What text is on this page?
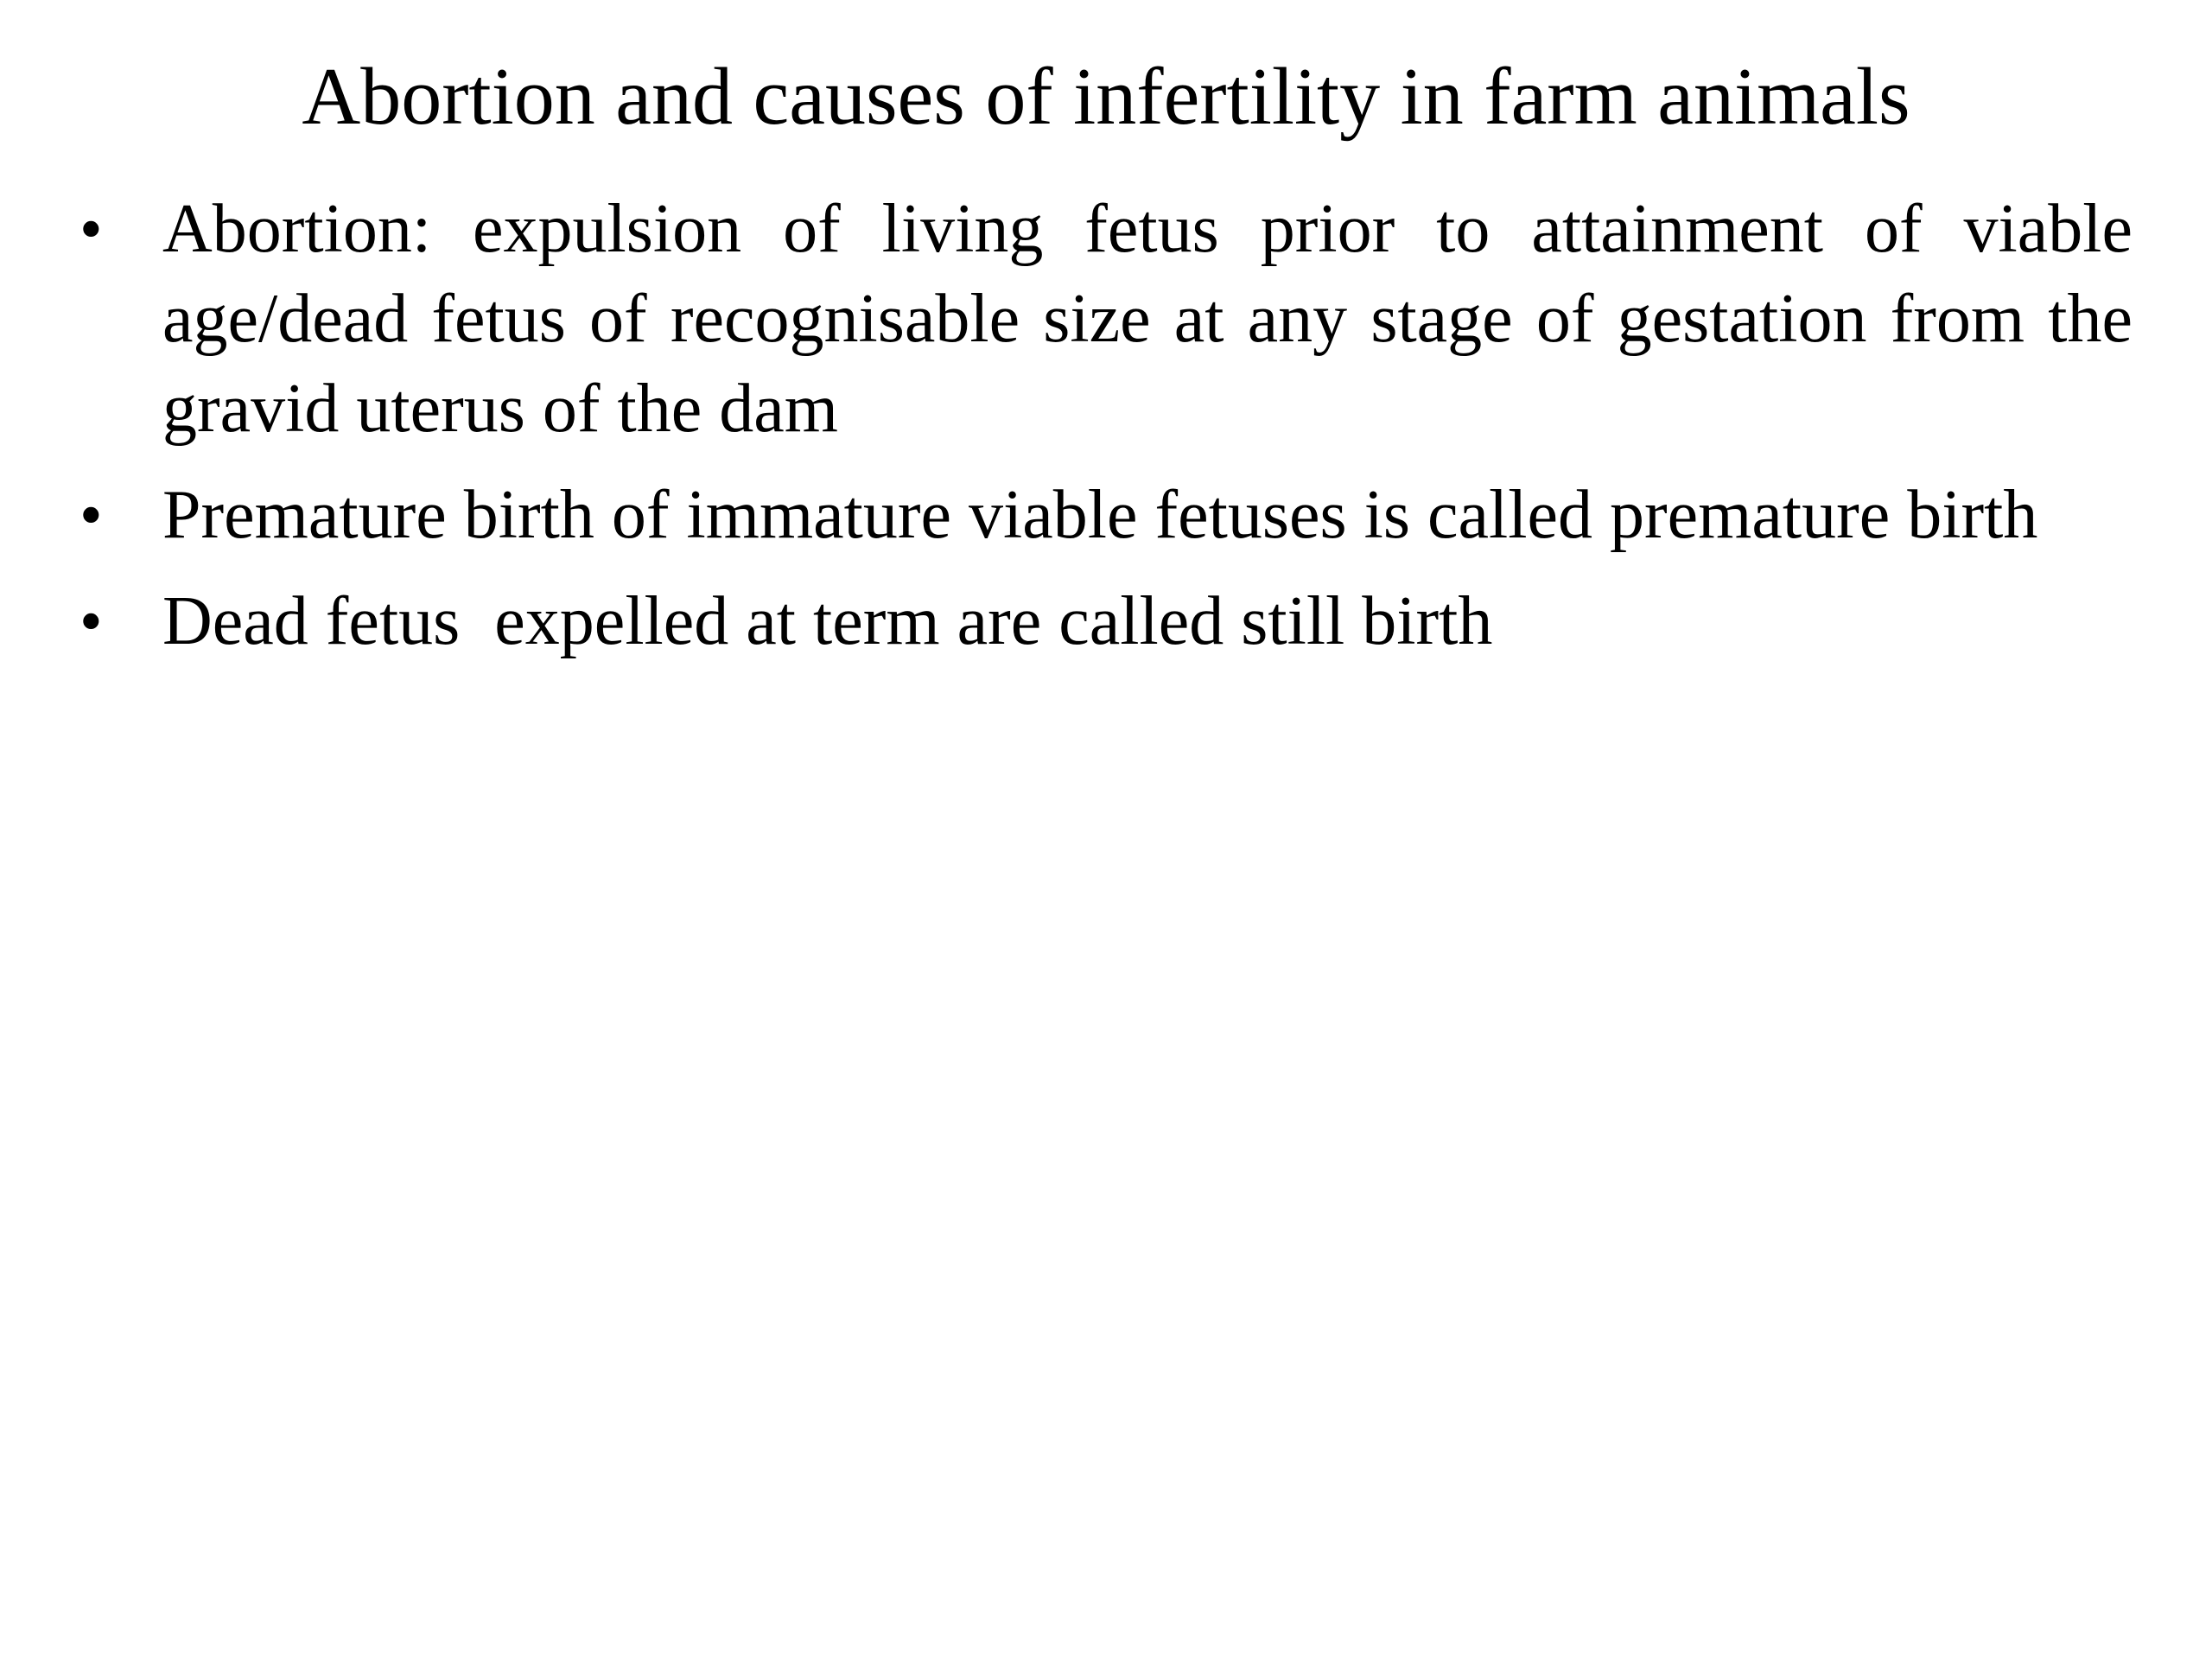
Abortion and causes of infertility in farm animals
• Abortion: expulsion of living fetus prior to attainment of viable age/dead fetus of recognisable size at any stage of gestation from the gravid uterus of the dam
• Premature birth of immature viable fetuses is called premature birth
• Dead fetus  expelled at term are called still birth
